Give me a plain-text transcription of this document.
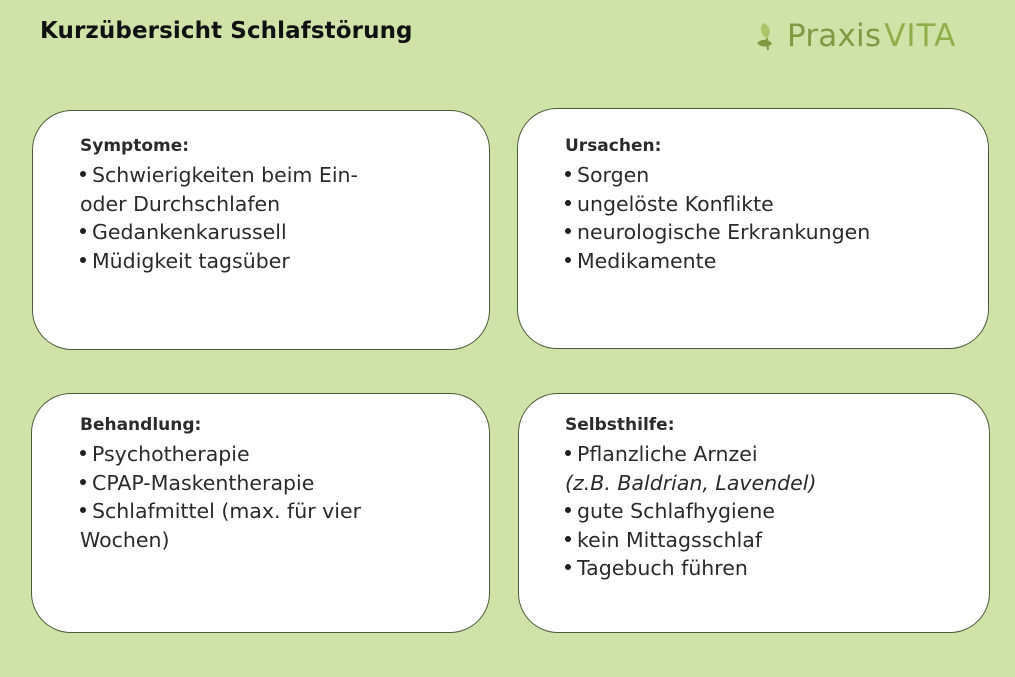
Kurzübersicht Schlafstörung	PraxisVITA
Symptome:
Schwierigkeiten beim Ein-
oder Durchschlafen
Gedankenkarussell
Müdigkeit tagsüber
Ursachen:
Sorgen
ungelöste Konflikte
neurologische Erkrankungen
Medikamente
Behandlung:
Psychotherapie
CPAP-Maskentherapie
Schlafmittel (max. für vier
Wochen)
Selbsthilfe:
Pflanzliche Arnzei
(z.B. Baldrian, Lavendel)
gute Schlafhygiene
kein Mittagsschlaf
Tagebuch führen
